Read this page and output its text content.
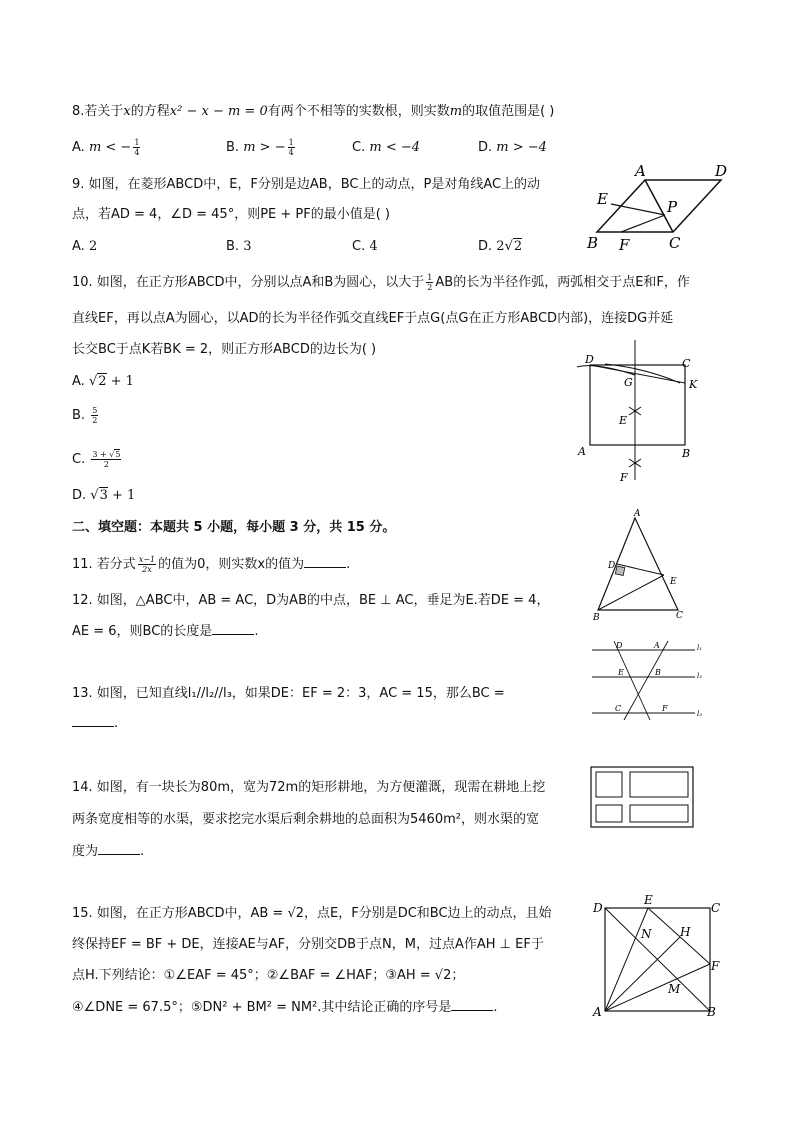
8.若关于x的方程x² − x − m = 0有两个不相等的实数根，则实数m的取值范围是( )
A. m < − $\frac{1}{4}$	B. m > − $\frac{1}{4}$	C. m < −4	D. m > −4
9. 如图，在菱形ABCD中，E，F分别是边AB，BC上的动点，P是对角线AC上的动
点，若AD = 4，∠D = 45°，则PE + PF的最小值是( )
A. 2	B. 3	C. 4	D. 2√2
A	D
E	P
B F	C
10. 如图，在正方形ABCD中，分别以点A和B为圆心，以大于 $\frac{1}{2}$ AB的长为半径作弧，两弧相交于点E和F，作
直线EF，再以点A为圆心，以AD的长为半径作弧交直线EF于点G(点G在正方形ABCD内部)，连接DG并延
长交BC于点K若BK = 2，则正方形ABCD的边长为( )
A. √2 + 1
B. $\frac{5}{2}$
C. $\frac{3 + √5}{2}$
D. √3 + 1
D	C
G	K
E
A	B
F
二、填空题：本题共 5 小题，每小题 3 分，共 15 分。
11. 若分式 $\frac{x-1}{2x}$ 的值为0，则实数x的值为	.
12. 如图，△ABC中，AB = AC，D为AB的中点，BE ⊥ AC，垂足为E.若DE = 4，
AE = 6，则BC的长度是	.
A
D
E
B	C
13. 如图，已知直线l₁//l₂//l₃，如果DE：EF = 2：3，AC = 15，那么BC =
.
D	A
E	B
C	F
l₁
l₂
l₃
14. 如图，有一块长为80m，宽为72m的矩形耕地，为方便灌溉，现需在耕地上挖
两条宽度相等的水渠，要求挖完水渠后剩余耕地的总面积为5460m²，则水渠的宽
度为	.
15. 如图，在正方形ABCD中，AB = √2，点E，F分别是DC和BC边上的动点，且始
终保持EF = BF + DE，连接AE与AF，分别交DB于点N，M，过点A作AH ⊥ EF于
点H.下列结论：①∠EAF = 45°；②∠BAF = ∠HAF；③AH = √2；
④∠DNE = 67.5°；⑤DN² + BM² = NM².其中结论正确的序号是	.
D
E
C
N H
F
M
A	B
